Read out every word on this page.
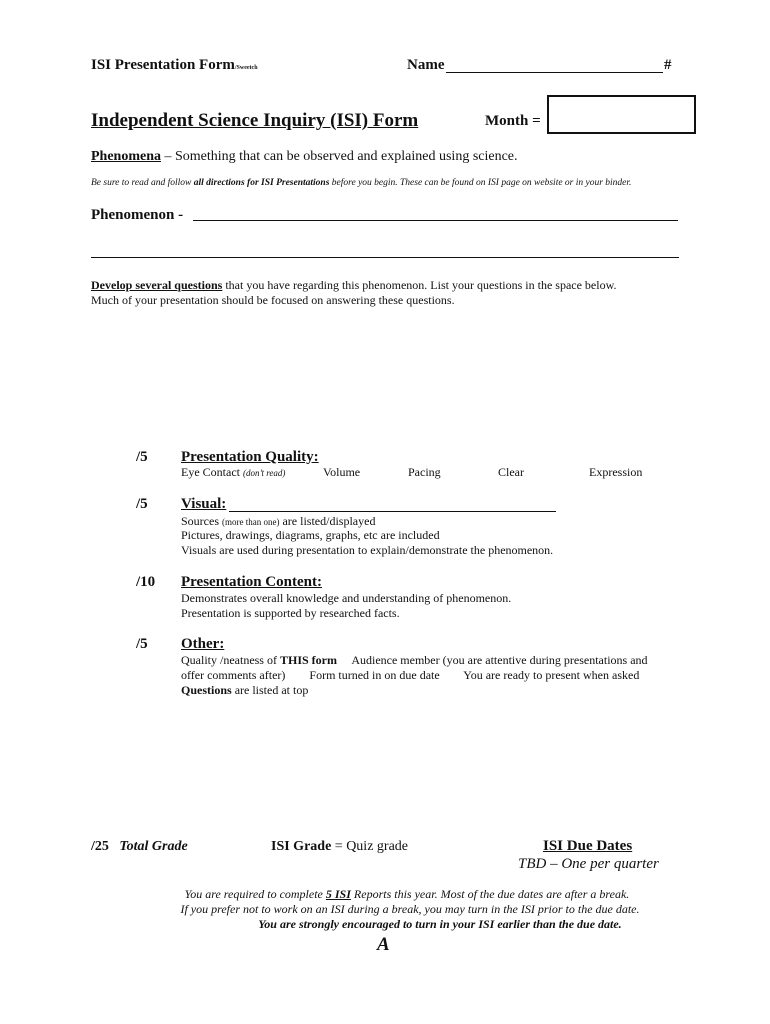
ISI Presentation Form/Sweetch	Name	#
Independent Science Inquiry (ISI) Form	Month =
Phenomena – Something that can be observed and explained using science.
Be sure to read and follow all directions for ISI Presentations before you begin. These can be found on ISI page on website or in your binder.
Phenomenon -
Develop several questions that you have regarding this phenomenon. List your questions in the space below.
Much of your presentation should be focused on answering these questions.
/5 Presentation Quality:
Eye Contact (don’t read)	Volume	Pacing	Clear	Expression
/5 Visual:
Sources (more than one) are listed/displayed
Pictures, drawings, diagrams, graphs, etc are included
Visuals are used during presentation to explain/demonstrate the phenomenon.
/10 Presentation Content:
Demonstrates overall knowledge and understanding of phenomenon.
Presentation is supported by researched facts.
/5 Other:
Quality /neatness of THIS form     Audience member (you are attentive during presentations and
offer comments after)        Form turned in on due date        You are ready to present when asked
Questions are listed at top
/25 Total Grade	ISI Grade = Quiz grade	ISI Due Dates
TBD – One per quarter
You are required to complete 5 ISI Reports this year. Most of the due dates are after a break.
If you prefer not to work on an ISI during a break, you may turn in the ISI prior to the due date.
You are strongly encouraged to turn in your ISI earlier than the due date.
A
